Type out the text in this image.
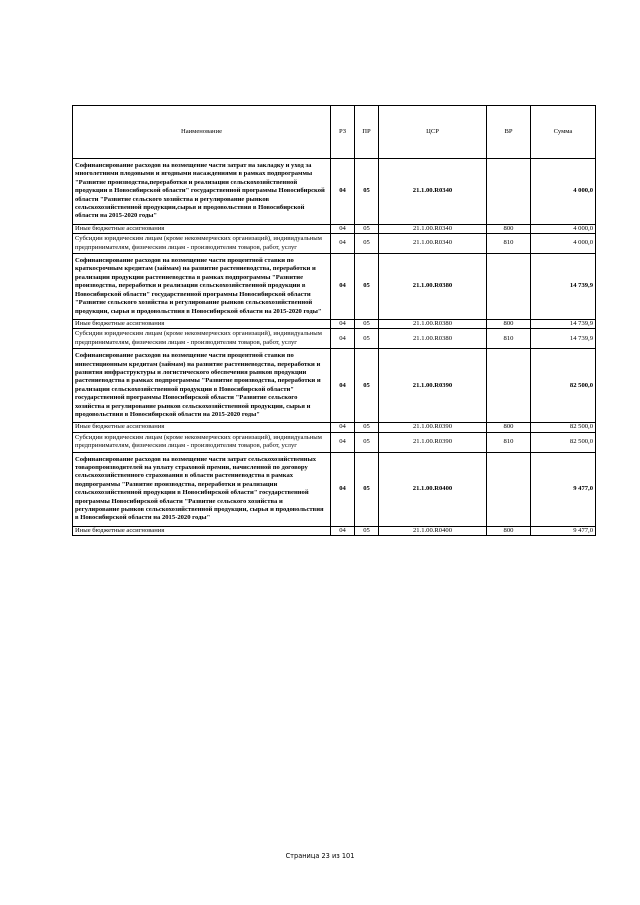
Наименование	РЗ	ПР	ЦСР	ВР	Сумма
Софинансирование расходов на возмещение части затрат на закладку и уход за многолетними плодовыми и ягодными насаждениями в рамках подпрограммы "Развитие производства,переработки и реализации сельскохозяйственной продукции в Новосибирской области" государственной программы Новосибирской области "Развитие сельского хозяйства и регулирование рынков сельскохозяйственной продукции,сырья и продовольствия в Новосибирской области на 2015-2020 годы"	04	05	21.1.00.R0340		4 000,0
Иные бюджетные ассигнования	04	05	21.1.00.R0340	800	4 000,0
Субсидии юридическим лицам (кроме некоммерческих организаций), индивидуальным предпринимателям, физическим лицам - производителям товаров, работ, услуг	04	05	21.1.00.R0340	810	4 000,0
Софинансирование расходов на возмещение части процентной ставки по краткосрочным кредитам (займам) на развитие растениеводства, переработки и реализации продукции растениеводства в рамках подпрограммы "Развитие производства, переработки и реализации сельскохозяйственной продукции в Новосибирской области" государственной программы Новосибирской области "Развитие сельского хозяйства и регулирование рынков сельскохозяйственной продукции, сырья и продовольствия в Новосибирской области на 2015-2020 годы"	04	05	21.1.00.R0380		14 739,9
Иные бюджетные ассигнования	04	05	21.1.00.R0380	800	14 739,9
Субсидии юридическим лицам (кроме некоммерческих организаций), индивидуальным предпринимателям, физическим лицам - производителям товаров, работ, услуг	04	05	21.1.00.R0380	810	14 739,9
Софинансирование расходов на возмещение части процентной ставки по инвестиционным кредитам (займам) на развитие растениеводства, переработки и развития инфраструктуры и логистического обеспечения рынков продукции растениеводства в рамках подпрограммы "Развитие производства, переработки и реализации сельскохозяйственной продукции в Новосибирской области" государственной программы Новосибирской области "Развитие сельского хозяйства и регулирование рынков сельскохозяйственной продукции, сырья и продовольствия в Новосибирской области на 2015-2020 годы"	04	05	21.1.00.R0390		82 500,0
Иные бюджетные ассигнования	04	05	21.1.00.R0390	800	82 500,0
Субсидии юридическим лицам (кроме некоммерческих организаций), индивидуальным предпринимателям, физическим лицам - производителям товаров, работ, услуг	04	05	21.1.00.R0390	810	82 500,0
Софинансирование расходов на возмещение части затрат сельскохозяйственных товаропроизводителей на уплату страховой премии, начисленной по договору сельскохозяйственного страхования в области растениеводства в рамках подпрограммы "Развитие производства, переработки и реализации сельскохозяйственной продукции в Новосибирской области" государственной программы Новосибирской области "Развитие сельского хозяйства и регулирование рынков сельскохозяйственной продукции, сырья и продовольствия в Новосибирской области на 2015-2020 годы"	04	05	21.1.00.R0400		9 477,0
Иные бюджетные ассигнования	04	05	21.1.00.R0400	800	9 477,0
Страница 23 из 101
